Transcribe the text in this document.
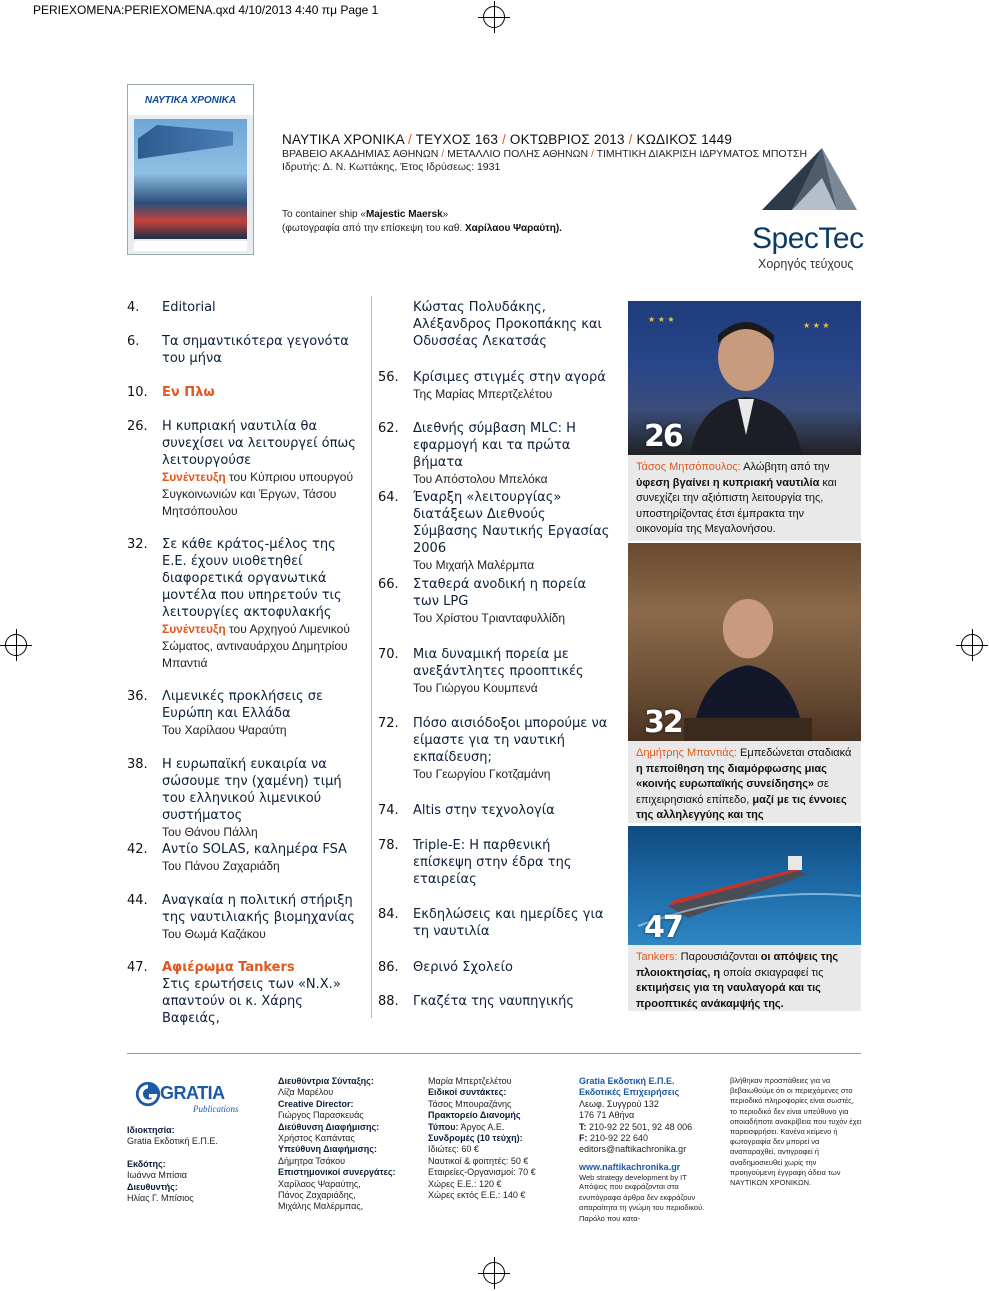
PERIEXOMENA:PERIEXOMENA.qxd 4/10/2013 4:40 πμ Page 1
ΝΑΥΤΙΚΑ ΧΡΟΝΙΚΑ
ΝΑΥΤΙΚΑ ΧΡΟΝΙΚΑ / ΤΕΥΧΟΣ 163 / ΟΚΤΩΒΡΙΟΣ 2013 / ΚΩΔΙΚΟΣ 1449
ΒΡΑΒΕΙΟ ΑΚΑΔΗΜΙΑΣ ΑΘΗΝΩΝ / ΜΕΤΑΛΛΙΟ ΠΟΛΗΣ ΑΘΗΝΩΝ / ΤΙΜΗΤΙΚΗ ΔΙΑΚΡΙΣΗ ΙΔΡΥΜΑΤΟΣ ΜΠΟΤΣΗ
Ιδρυτής: Δ. Ν. Κωττάκης, Έτος Ιδρύσεως: 1931
Το container ship «Majestic Maersk»
(φωτογραφία από την επίσκεψη του καθ. Χαρίλαου Ψαραύτη).	SpecTec
Χορηγός τεύχους
4.	Editorial
6.	Τα σημαντικότερα γεγονότα του μήνα
10.	Εν Πλω
26.	Η κυπριακή ναυτιλία θα συνεχίσει να λειτουργεί όπως λειτουργούσε
Συνέντευξη του Κύπριου υπουργού Συγκοινωνιών και Έργων, Τάσου Μητσόπουλου
32.	Σε κάθε κράτος-μέλος της Ε.Ε. έχουν υιοθετηθεί διαφορετικά οργανωτικά μοντέλα που υπηρετούν τις λειτουργίες ακτοφυλακής
Συνέντευξη του Αρχηγού Λιμενικού Σώματος, αντιναυάρχου Δημητρίου Μπαντιά
36.	Λιμενικές προκλήσεις σε Ευρώπη και Ελλάδα
Του Χαρίλαου Ψαραύτη
38.	Η ευρωπαϊκή ευκαιρία να σώσουμε την (χαμένη) τιμή του ελληνικού λιμενικού συστήματος
Του Θάνου Πάλλη
42.	Αντίο SOLAS, καλημέρα FSA
Του Πάνου Ζαχαριάδη
44.	Αναγκαία η πολιτική στήριξη της ναυτιλιακής βιομηχανίας
Του Θωμά Καζάκου
47.	Αφιέρωμα Tankers
Στις ερωτήσεις των «Ν.Χ.» απαντούν οι κ. Χάρης Βαφειάς,
Κώστας Πολυδάκης, Αλέξανδρος Προκοπάκης και Οδυσσέας Λεκατσάς
56.	Κρίσιμες στιγμές στην αγορά
Της Μαρίας Μπερτζελέτου
62.	Διεθνής σύμβαση MLC: Η εφαρμογή και τα πρώτα βήματα
Του Απόστολου Μπελόκα
64.	Έναρξη «λειτουργίας» διατάξεων Διεθνούς Σύμβασης Ναυτικής Εργασίας 2006
Του Μιχαήλ Μαλέρμπα
66.	Σταθερά ανοδική η πορεία των LPG
Του Χρίστου Τριανταφυλλίδη
70.	Μια δυναμική πορεία με ανεξάντλητες προοπτικές
Του Γιώργου Κουμπενά
72.	Πόσο αισιόδοξοι μπορούμε να είμαστε για τη ναυτική εκπαίδευση;
Του Γεωργίου Γκοτζαμάνη
74.	Altis στην τεχνολογία
78.	Triple-E: Η παρθενική επίσκεψη στην έδρα της εταιρείας
84.	Εκδηλώσεις και ημερίδες για τη ναυτιλία
86.	Θερινό Σχολείο
88.	Γκαζέτα της ναυπηγικής
★ ★ ★
★ ★ ★
26
Τάσος Μητσόπουλος: Αλώβητη από την ύφεση βγαίνει η κυπριακή ναυτιλία και συνεχίζει την αξιόπιστη λειτουργία της, υποστηρίζοντας έτσι έμπρακτα την οικονομία της Μεγαλονήσου.
32
Δημήτρης Μπαντιάς: Εμπεδώνεται σταδιακά η πεποίθηση της διαμόρφωσης μιας «κοινής ευρωπαϊκής συνείδησης» σε επιχειρησιακό επίπεδο, μαζί με τις έννοιες της αλληλεγγύης και της
47
Tankers: Παρουσιάζονται οι απόψεις της πλοιοκτησίας, η οποία σκιαγραφεί τις εκτιμήσεις για τη ναυλαγορά και τις προοπτικές ανάκαμψής της.
GRATIA
Publications
Ιδιοκτησία:
Gratia Εκδοτική Ε.Π.Ε.
Εκδότης:
Ιωάννα Μπίσια
Διευθυντής:
Ηλίας Γ. Μπίσιος
Διευθύντρια Σύνταξης:
Λίζα Μαρέλου
Creative Director:
Γιώργος Παρασκευάς
Διεύθυνση Διαφήμισης:
Χρήστος Καπάντας
Υπεύθυνη Διαφήμισης:
Δήμητρα Τσάκου
Επιστημονικοί συνεργάτες:
Χαρίλαος Ψαραύτης, Πάνος Ζαχαριάδης, Μιχάλης Μαλέρμπας,
Μαρία Μπερτζελέτου
Ειδικοί συντάκτες:
Τάσος Μπουραζάνης
Πρακτορείο Διανομής
Τύπου: Άργος Α.Ε.
Συνδρομές (10 τεύχη):
Ιδιώτες: 60 €
Ναυτικοί & φοιτητές: 50 €
Εταιρείες-Οργανισμοί: 70 €
Χώρες Ε.Ε.: 120 €
Χώρες εκτός Ε.Ε.: 140 €
Gratia Εκδοτική Ε.Π.Ε.
Εκδοτικές Επιχειρήσεις
Λεωφ. Συγγρού 132
176 71 Αθήνα
T: 210-92 22 501, 92 48 006
F: 210-92 22 640
editors@naftikachronika.gr
www.naftikachronika.gr
Web strategy development by IT
Απόψεις που εκφράζονται στα ενυπόγραφα άρθρα δεν εκφράζουν απαραίτητα τη γνώμη του περιοδικού. Παρόλο που κατα-
βλήθηκαν προσπάθειες για να βεβαιωθούμε ότι οι περιεχόμενες στο περιοδικό πληροφορίες είναι σωστές, το περιοδικό δεν είναι υπεύθυνο για οποιαδήποτε ανακρίβεια που τυχόν έχει παρεισφρήσει. Κανένα κείμενο ή φωτογραφία δεν μπορεί να αναπαραχθεί, αντιγραφεί ή αναδημοσιευθεί χωρίς την προηγούμενη έγγραφη άδεια των ΝΑΥΤΙΚΩΝ ΧΡΟΝΙΚΩΝ.
